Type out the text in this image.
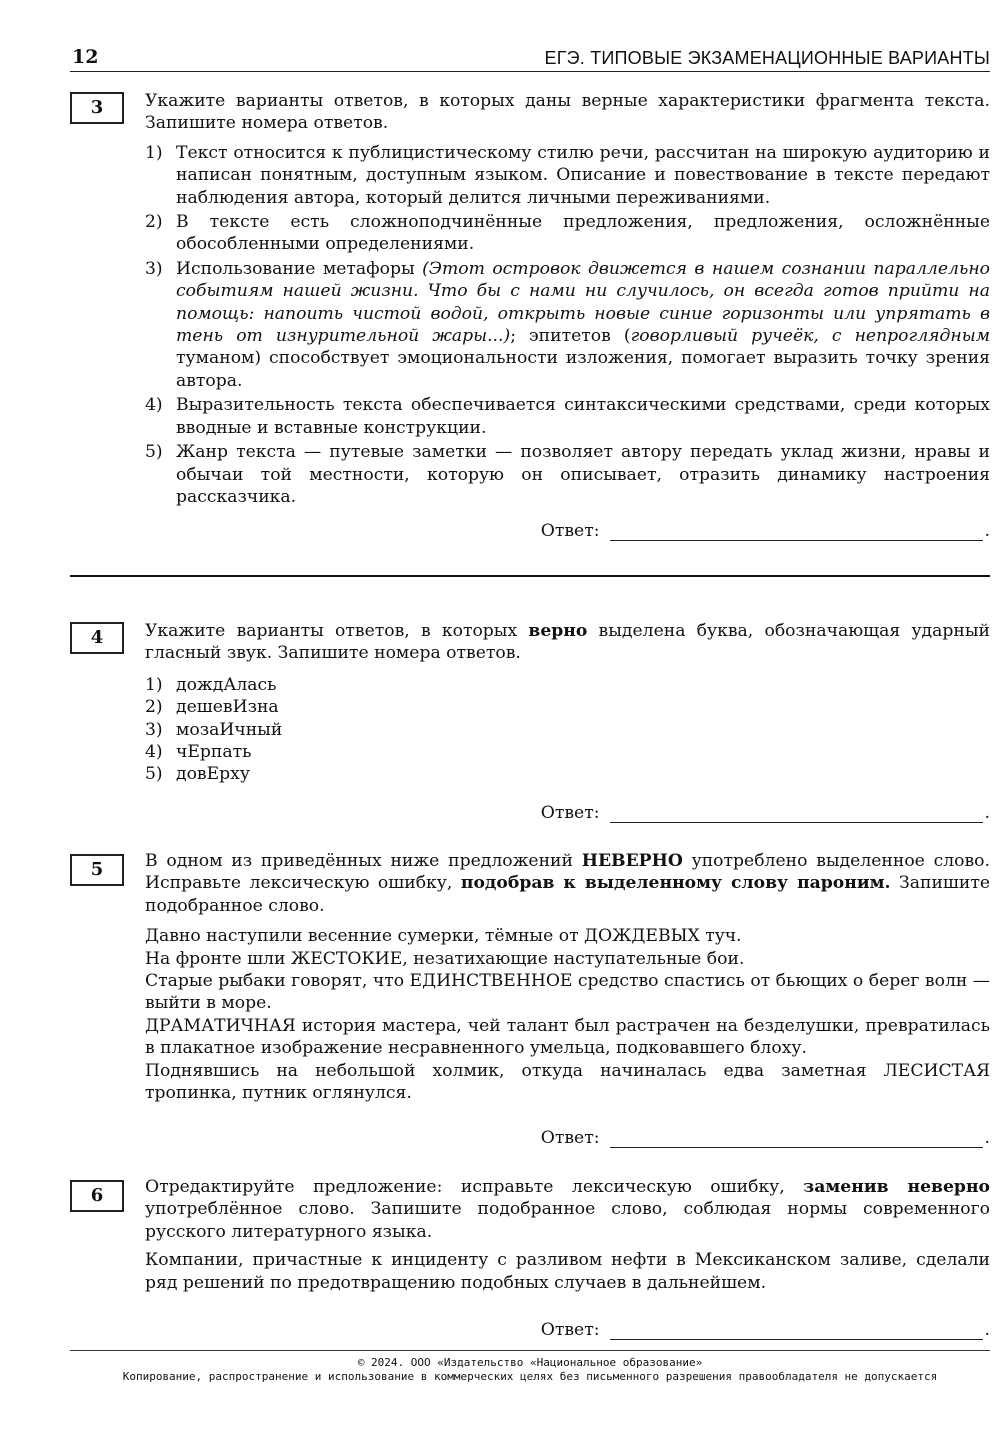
12	ЕГЭ. ТИПОВЫЕ ЭКЗАМЕНАЦИОННЫЕ ВАРИАНТЫ
3	Укажите варианты ответов, в которых даны верные характеристики фрагмента текста. Запишите номера ответов.

1) Текст относится к публицистическому стилю речи, рассчитан на широкую аудиторию и написан понятным, доступным языком. Описание и повествование в тексте передают наблюдения автора, который делится личными переживаниями.
2) В тексте есть сложноподчинённые предложения, предложения, осложнённые обособленными определениями.
3) Использование метафоры (Этот островок движется в нашем сознании параллельно событиям нашей жизни. Что бы с нами ни случилось, он всегда готов прийти на помощь: напоить чистой водой, открыть новые синие горизонты или упрятать в тень от изнурительной жары...); эпитетов (говорливый ручеёк, с непроглядным туманом) способствует эмоциональности изложения, помогает выразить точку зрения автора.
4) Выразительность текста обеспечивается синтаксическими средствами, среди которых вводные и вставные конструкции.
5) Жанр текста — путевые заметки — позволяет автору передать уклад жизни, нравы и обычаи той местности, которую он описывает, отразить динамику настроения рассказчика.
Ответ:	.
4	Укажите варианты ответов, в которых верно выделена буква, обозначающая ударный гласный звук. Запишите номера ответов.

1) дождАлась
2) дешевИзна
3) мозаИчный
4) чЕрпать
5) довЕрху
Ответ:	.
5	В одном из приведённых ниже предложений НЕВЕРНО употреблено выделенное слово. Исправьте лексическую ошибку, подобрав к выделенному слову пароним. Запишите подобранное слово.

Давно наступили весенние сумерки, тёмные от ДОЖДЕВЫХ туч.

На фронте шли ЖЕСТОКИЕ, незатихающие наступательные бои.

Старые рыбаки говорят, что ЕДИНСТВЕННОЕ средство спастись от бьющих о берег волн — выйти в море.

ДРАМАТИЧНАЯ история мастера, чей талант был растрачен на безделушки, превратилась в плакатное изображение несравненного умельца, подковавшего блоху.

Поднявшись на небольшой холмик, откуда начиналась едва заметная ЛЕСИСТАЯ тропинка, путник оглянулся.

Ответ:	.
6	Отредактируйте предложение: исправьте лексическую ошибку, заменив неверно употреблённое слово. Запишите подобранное слово, соблюдая нормы современного русского литературного языка.

Компании, причастные к инциденту с разливом нефти в Мексиканском заливе, сделали ряд решений по предотвращению подобных случаев в дальнейшем.

Ответ:	.
© 2024. ООО «Издательство «Национальное образование»
Копирование, распространение и использование в коммерческих целях без письменного разрешения правообладателя не допускается
